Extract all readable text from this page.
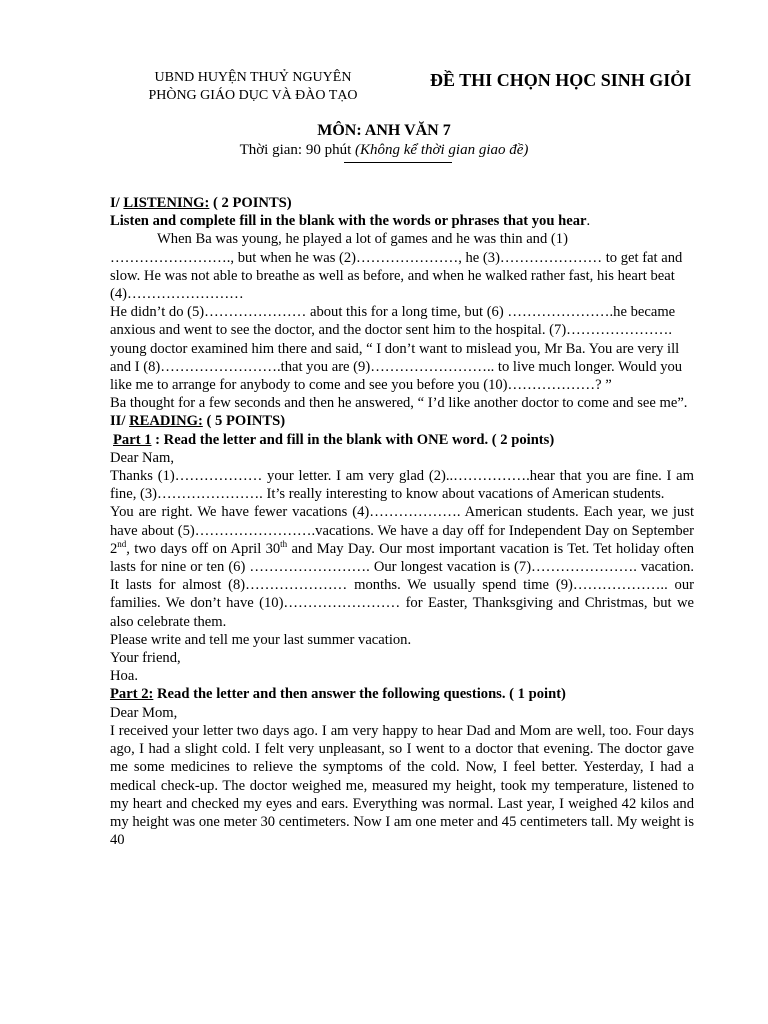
UBND HUYỆN THUỶ NGUYÊN
PHÒNG GIÁO DỤC VÀ ĐÀO TẠO
ĐỀ THI CHỌN HỌC SINH GIỎI
MÔN: ANH VĂN 7
Thời gian: 90 phút (Không kể thời gian giao đề)

I/ LISTENING: ( 2 POINTS)

Listen and complete fill in the blank with the words or phrases that you hear.

When Ba was young, he played a lot of games and he was thin and (1) ……………………., but when he was (2)…………………, he (3)………………… to get fat and slow. He was not able to breathe as well as before, and when he walked rather fast, his heart beat (4)……………………

He didn’t do (5)………………… about this for a long time, but (6) ………………….he became anxious and went to see the doctor, and the doctor sent him to the hospital. (7)…………………. young doctor examined him there and said, “ I don’t want to mislead you, Mr Ba. You are very ill and I (8)…………………….that you are (9)…………………….. to live much longer. Would you like me to arrange for anybody to come and see you before you (10)………………? ”

Ba thought for a few seconds and then he answered, “ I’d like another doctor to come and see me”.

II/ READING: ( 5 POINTS)

Part 1 : Read the letter and fill in the blank with ONE word. ( 2 points)

Dear Nam,

Thanks (1)……………… your letter. I am very glad (2)..…………….hear that you are fine. I am fine, (3)…………………. It’s really interesting to know about vacations of American students.

You are right. We have fewer vacations (4)………………. American students. Each year, we just have about (5)…………………….vacations. We have a day off for Independent Day on September 2nd, two days off on April 30th and May Day. Our most important vacation is Tet. Tet holiday often lasts for nine or ten (6) ……………………. Our longest vacation is (7)…………………. vacation. It lasts for almost (8)………………… months. We usually spend time (9)……………….. our families. We don’t have (10)…………………… for Easter, Thanksgiving and Christmas, but we also celebrate them.

Please write and tell me your last summer vacation.

Your friend,

Hoa.

Part 2: Read the letter and then answer the following questions. ( 1 point)

Dear Mom,

I received your letter two days ago. I am very happy to hear Dad and Mom are well, too. Four days ago, I had a slight cold. I felt very unpleasant, so I went to a doctor that evening. The doctor gave me some medicines to relieve the symptoms of the cold. Now, I feel better. Yesterday, I had a medical check-up. The doctor weighed me, measured my height, took my temperature, listened to my heart and checked my eyes and ears. Everything was normal. Last year, I weighed 42 kilos and my height was one meter 30 centimeters. Now I am one meter and 45 centimeters tall. My weight is 40
